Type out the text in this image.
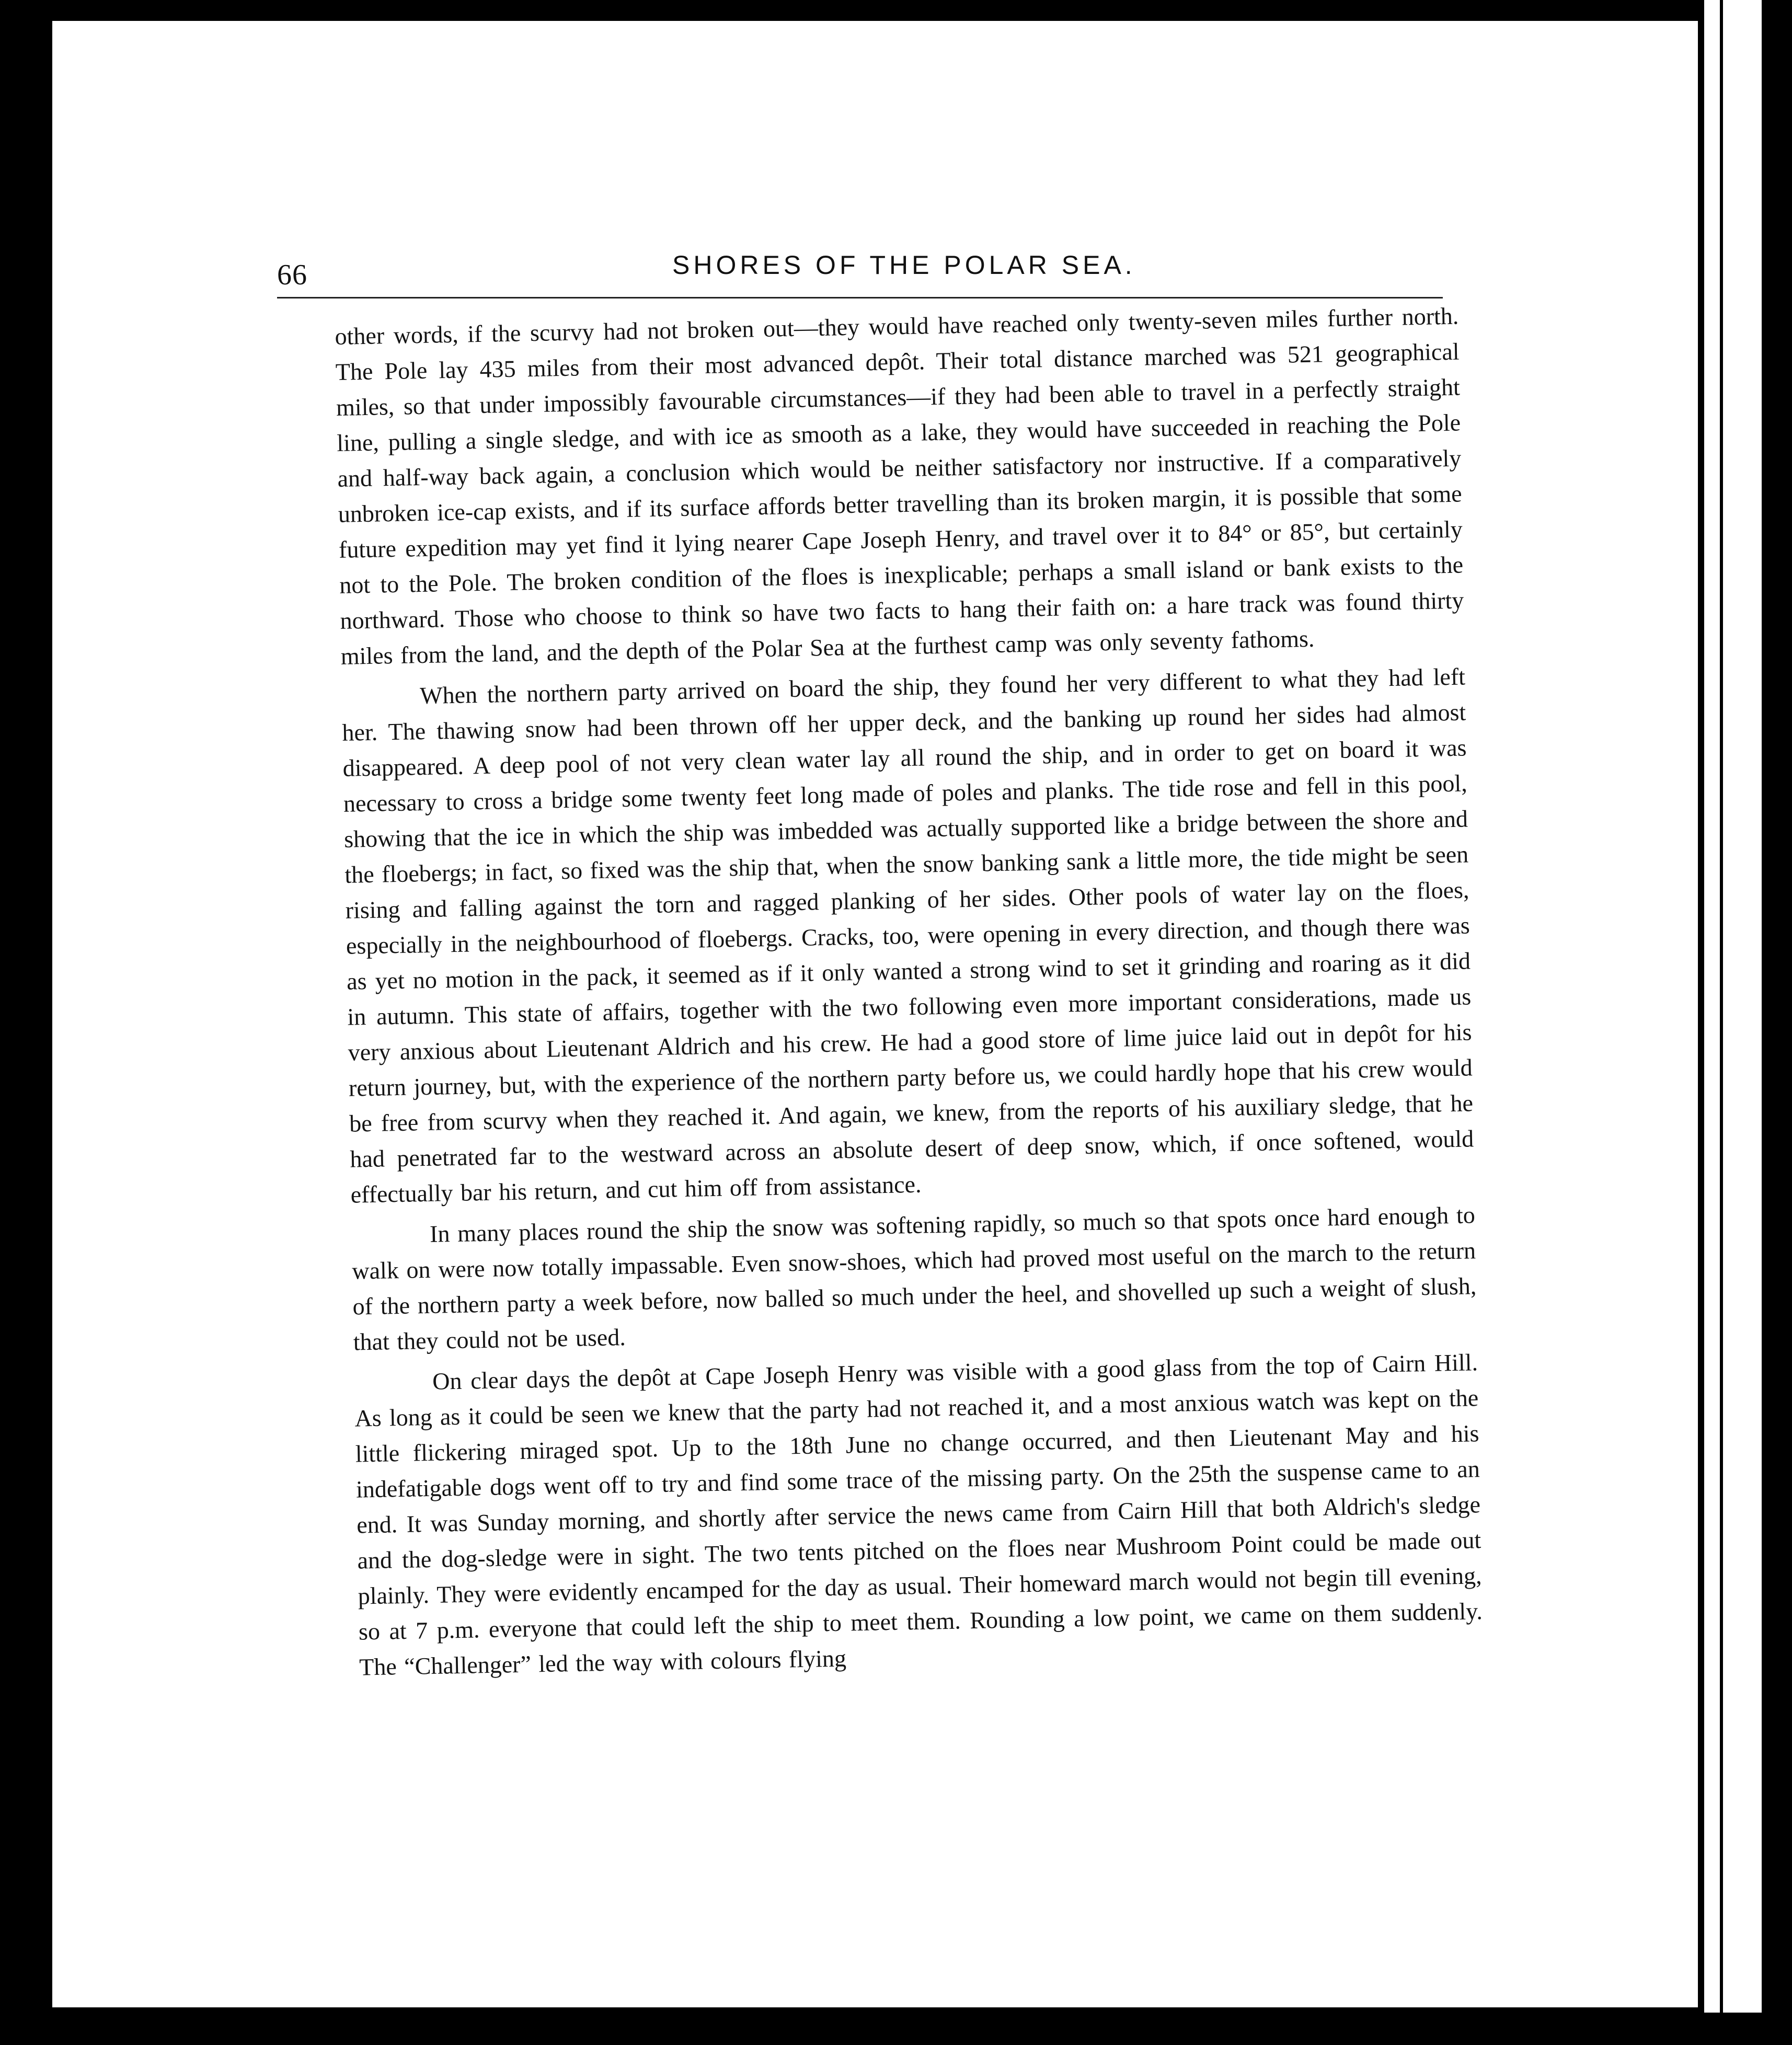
66	SHORES OF THE POLAR SEA.

other words, if the scurvy had not broken out—they would have reached only twenty-seven miles further north. The Pole lay 435 miles from their most advanced depôt. Their total distance marched was 521 geographical miles, so that under impossibly favourable circumstances—if they had been able to travel in a perfectly straight line, pulling a single sledge, and with ice as smooth as a lake, they would have succeeded in reaching the Pole and half-way back again, a conclusion which would be neither satisfactory nor instructive. If a comparatively unbroken ice-cap exists, and if its surface affords better travelling than its broken margin, it is possible that some future expedition may yet find it lying nearer Cape Joseph Henry, and travel over it to 84° or 85°, but certainly not to the Pole. The broken condition of the floes is inexplicable; perhaps a small island or bank exists to the northward. Those who choose to think so have two facts to hang their faith on: a hare track was found thirty miles from the land, and the depth of the Polar Sea at the furthest camp was only seventy fathoms.

When the northern party arrived on board the ship, they found her very different to what they had left her. The thawing snow had been thrown off her upper deck, and the banking up round her sides had almost disappeared. A deep pool of not very clean water lay all round the ship, and in order to get on board it was necessary to cross a bridge some twenty feet long made of poles and planks. The tide rose and fell in this pool, showing that the ice in which the ship was imbedded was actually supported like a bridge between the shore and the floebergs; in fact, so fixed was the ship that, when the snow banking sank a little more, the tide might be seen rising and falling against the torn and ragged planking of her sides. Other pools of water lay on the floes, especially in the neighbourhood of floebergs. Cracks, too, were opening in every direction, and though there was as yet no motion in the pack, it seemed as if it only wanted a strong wind to set it grinding and roaring as it did in autumn. This state of affairs, together with the two following even more important considerations, made us very anxious about Lieutenant Aldrich and his crew. He had a good store of lime juice laid out in depôt for his return journey, but, with the experience of the northern party before us, we could hardly hope that his crew would be free from scurvy when they reached it. And again, we knew, from the reports of his auxiliary sledge, that he had penetrated far to the westward across an absolute desert of deep snow, which, if once softened, would effectually bar his return, and cut him off from assistance.

In many places round the ship the snow was softening rapidly, so much so that spots once hard enough to walk on were now totally impassable. Even snow-shoes, which had proved most useful on the march to the return of the northern party a week before, now balled so much under the heel, and shovelled up such a weight of slush, that they could not be used.

On clear days the depôt at Cape Joseph Henry was visible with a good glass from the top of Cairn Hill. As long as it could be seen we knew that the party had not reached it, and a most anxious watch was kept on the little flickering miraged spot. Up to the 18th June no change occurred, and then Lieutenant May and his indefatigable dogs went off to try and find some trace of the missing party. On the 25th the suspense came to an end. It was Sunday morning, and shortly after service the news came from Cairn Hill that both Aldrich's sledge and the dog-sledge were in sight. The two tents pitched on the floes near Mushroom Point could be made out plainly. They were evidently encamped for the day as usual. Their homeward march would not begin till evening, so at 7 p.m. everyone that could left the ship to meet them. Rounding a low point, we came on them suddenly. The “Challenger” led the way with colours flying
